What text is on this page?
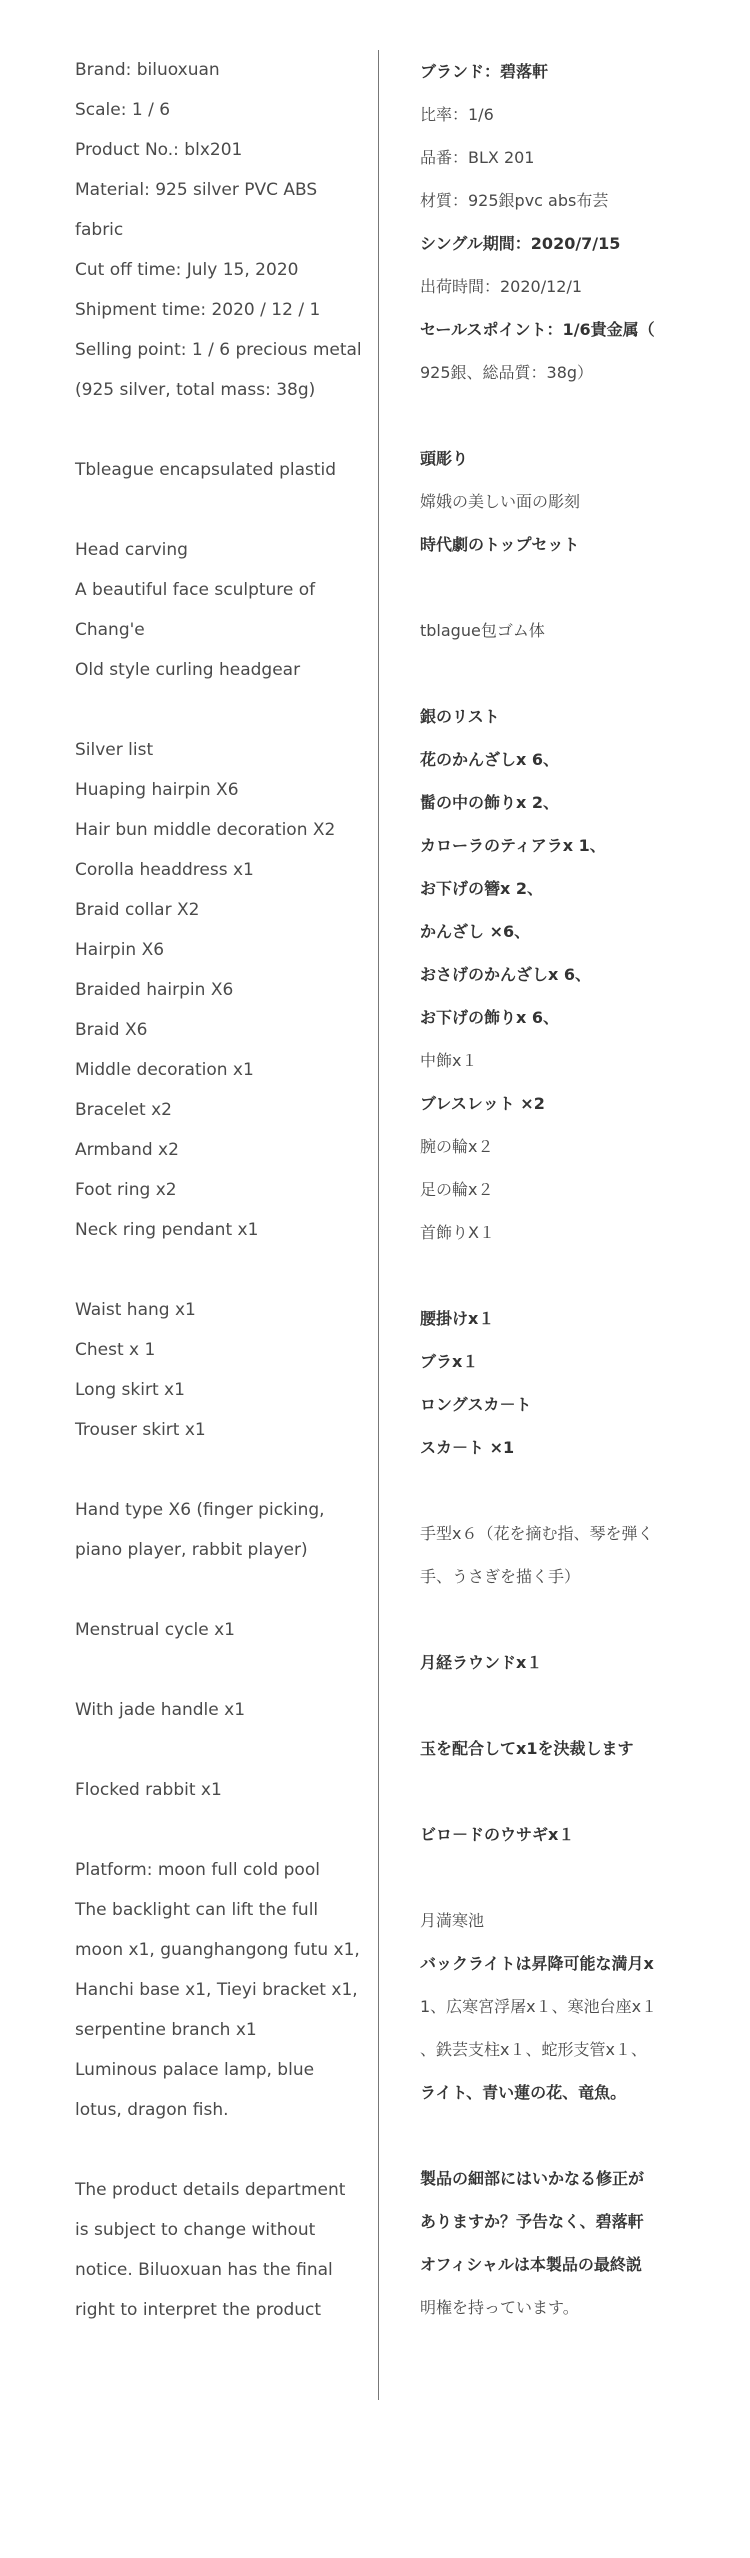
Brand: biluoxuan
Scale: 1 / 6
Product No.: blx201
Material: 925 silver PVC ABS
fabric
Cut off time: July 15, 2020
Shipment time: 2020 / 12 / 1
Selling point: 1 / 6 precious metal
(925 silver, total mass: 38g)
Tbleague encapsulated plastid
Head carving
A beautiful face sculpture of
Chang'e
Old style curling headgear
Silver list
Huaping hairpin X6
Hair bun middle decoration X2
Corolla headdress x1
Braid collar X2
Hairpin X6
Braided hairpin X6
Braid X6
Middle decoration x1
Bracelet x2
Armband x2
Foot ring x2
Neck ring pendant x1
Waist hang x1
Chest x 1
Long skirt x1
Trouser skirt x1
Hand type X6 (finger picking,
piano player, rabbit player)
Menstrual cycle x1
With jade handle x1
Flocked rabbit x1
Platform: moon full cold pool
The backlight can lift the full
moon x1, guanghangong futu x1,
Hanchi base x1, Tieyi bracket x1,
serpentine branch x1
Luminous palace lamp, blue
lotus, dragon fish.
The product details department
is subject to change without
notice. Biluoxuan has the final
right to interpret the product
ブランド：碧落軒
比率：1/6
品番：BLX 201
材質：925銀pvc abs布芸
シングル期間：2020/7/15
出荷時間：2020/12/1
セールスポイント：1/6貴金属（
925銀、総品質：38g）
頭彫り
嫦娥の美しい面の彫刻
時代劇のトップセット
tblague包ゴム体
銀のリスト
花のかんざしx 6、
髷の中の飾りx 2、
カローラのティアラx 1、
お下げの簪x 2、
かんざし ×6、
おさげのかんざしx 6、
お下げの飾りx 6、
中飾x１
ブレスレット ×2
腕の輪x２
足の輪x２
首飾りX１
腰掛けx１
ブラx１
ロングスカ－ト
スカ－ト ×1
手型x６（花を摘む指、琴を弾く
手、うさぎを描く手）
月経ラウンドx１
玉を配合してx1を決裁します
ビロ－ドのウサギx１
月満寒池
バックライトは昇降可能な満月x
1、広寒宮浮屠x１、寒池台座x１
、鉄芸支柱x１、蛇形支管x１、
ライト、青い蓮の花、竜魚。
製品の細部にはいかなる修正が
ありますか？予告なく、碧落軒
オフィシャルは本製品の最終説
明権を持っています。
